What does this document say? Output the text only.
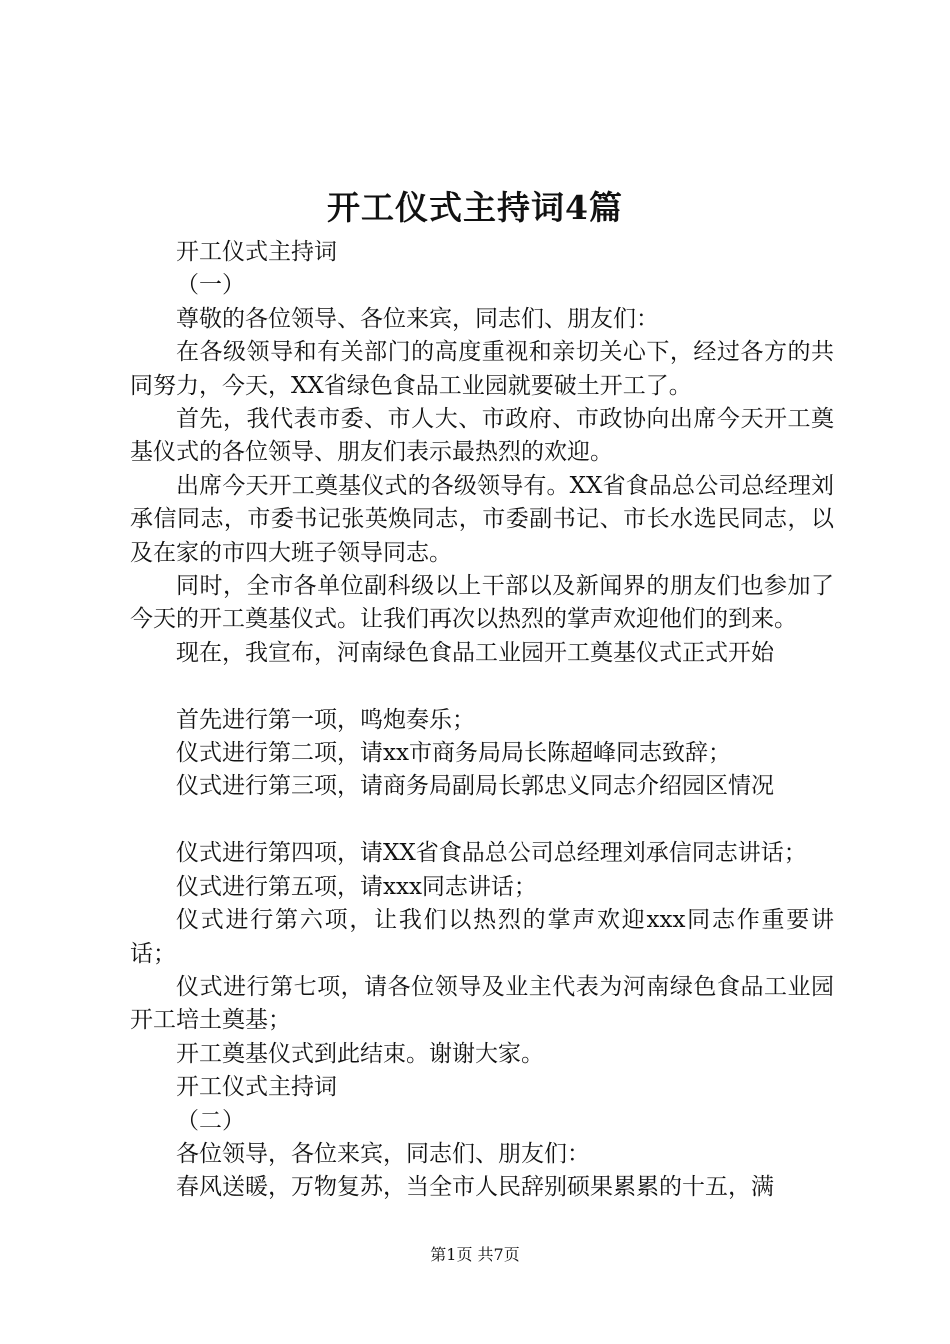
开工仪式主持词4篇

开工仪式主持词

（一）

尊敬的各位领导、各位来宾，同志们、朋友们：

在各级领导和有关部门的高度重视和亲切关心下，经过各方的共同努力，今天，XX省绿色食品工业园就要破土开工了。

首先，我代表市委、市人大、市政府、市政协向出席今天开工奠基仪式的各位领导、朋友们表示最热烈的欢迎。

出席今天开工奠基仪式的各级领导有。XX省食品总公司总经理刘承信同志，市委书记张英焕同志，市委副书记、市长水选民同志，以及在家的市四大班子领导同志。

同时，全市各单位副科级以上干部以及新闻界的朋友们也参加了今天的开工奠基仪式。让我们再次以热烈的掌声欢迎他们的到来。

现在，我宣布，河南绿色食品工业园开工奠基仪式正式开始

首先进行第一项，鸣炮奏乐；

仪式进行第二项，请xx市商务局局长陈超峰同志致辞；

仪式进行第三项，请商务局副局长郭忠义同志介绍园区情况

仪式进行第四项，请XX省食品总公司总经理刘承信同志讲话；

仪式进行第五项，请xxx同志讲话；

仪式进行第六项，让我们以热烈的掌声欢迎xxx同志作重要讲话；

仪式进行第七项，请各位领导及业主代表为河南绿色食品工业园开工培土奠基；

开工奠基仪式到此结束。谢谢大家。

开工仪式主持词

（二）

各位领导，各位来宾，同志们、朋友们：

春风送暖，万物复苏，当全市人民辞别硕果累累的十五，满

第1页 共7页
